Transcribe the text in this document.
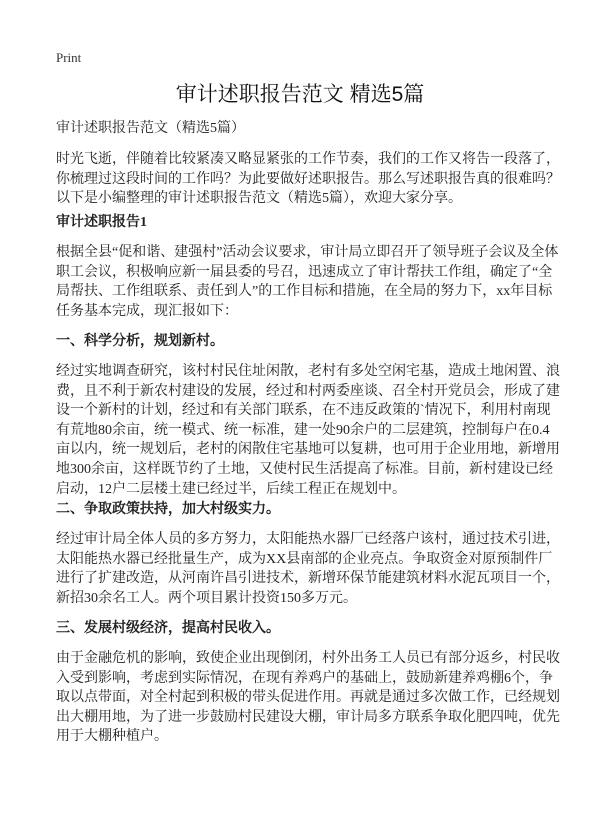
Print
审计述职报告范文 精选5篇
审计述职报告范文（精选5篇）
时光飞逝，伴随着比较紧凑又略显紧张的工作节奏，我们的工作又将告一段落了，
你梳理过这段时间的工作吗？为此要做好述职报告。那么写述职报告真的很难吗？
以下是小编整理的审计述职报告范文（精选5篇），欢迎大家分享。
审计述职报告1
根据全县“促和谐、建强村”活动会议要求，审计局立即召开了领导班子会议及全体
职工会议，积极响应新一届县委的号召，迅速成立了审计帮扶工作组，确定了“全
局帮扶、工作组联系、责任到人”的工作目标和措施，在全局的努力下，xx年目标
任务基本完成，现汇报如下：
一、科学分析，规划新村。
经过实地调查研究，该村村民住址闲散，老村有多处空闲宅基，造成土地闲置、浪
费，且不利于新农村建设的发展，经过和村两委座谈、召全村开党员会，形成了建
设一个新村的计划，经过和有关部门联系，在不违反政策的`情况下，利用村南现
有荒地80余亩，统一模式、统一标准，建一处90余户的二层建筑，控制每户在0.4
亩以内，统一规划后，老村的闲散住宅基地可以复耕，也可用于企业用地，新增用
地300余亩，这样既节约了土地，又使村民生活提高了标准。目前，新村建设已经
启动，12户二层楼土建已经过半，后续工程正在规划中。
二、争取政策扶持，加大村级实力。
经过审计局全体人员的多方努力，太阳能热水器厂已经落户该村，通过技术引进，
太阳能热水器已经批量生产，成为XX县南部的企业亮点。争取资金对原预制件厂
进行了扩建改造，从河南许昌引进技术，新增环保节能建筑材料水泥瓦项目一个，
新招30余名工人。两个项目累计投资150多万元。
三、发展村级经济，提高村民收入。
由于金融危机的影响，致使企业出现倒闭，村外出务工人员已有部分返乡，村民收
入受到影响，考虑到实际情况，在现有养鸡户的基础上，鼓励新建养鸡棚6个，争
取以点带面，对全村起到积极的带头促进作用。再就是通过多次做工作，已经规划
出大棚用地，为了进一步鼓励村民建设大棚，审计局多方联系争取化肥四吨，优先
用于大棚种植户。
